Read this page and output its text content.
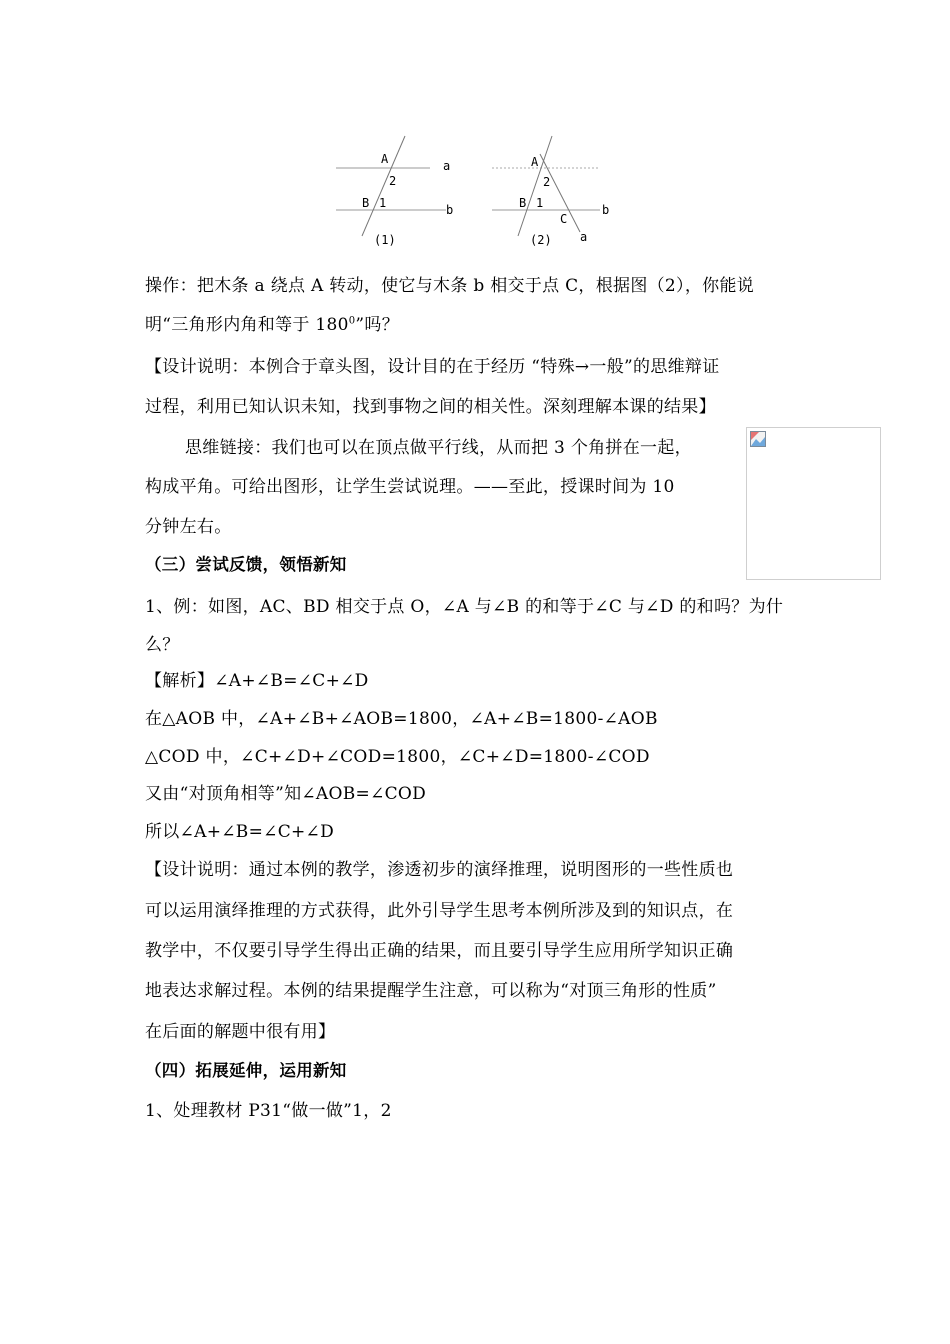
A
2
a
B 1	b
(1)
A
2
B 1
C
b
a
(2)
操作：把木条 a 绕点 A 转动，使它与木条 b 相交于点 C，根据图（2），你能说
明“三角形内角和等于 $180^0$”吗？
【设计说明：本例合于章头图，设计目的在于经历 “特殊→一般”的思维辩证
过程，利用已知认识未知，找到事物之间的相关性。深刻理解本课的结果】
思维链接：我们也可以在顶点做平行线，从而把 3 个角拼在一起，
构成平角。可给出图形，让学生尝试说理。——至此，授课时间为 10
分钟左右。
（三）尝试反馈，领悟新知
1、例：如图，AC、BD 相交于点 O，∠A 与∠B 的和等于∠C 与∠D 的和吗？为什
么？
【解析】∠A+∠B=∠C+∠D
在△AOB 中，∠A+∠B+∠AOB=1800，∠A+∠B=1800-∠AOB
△COD 中，∠C+∠D+∠COD=1800，∠C+∠D=1800-∠COD
又由“对顶角相等”知∠AOB=∠COD
所以∠A+∠B=∠C+∠D
【设计说明：通过本例的教学，渗透初步的演绎推理，说明图形的一些性质也
可以运用演绎推理的方式获得，此外引导学生思考本例所涉及到的知识点，在
教学中，不仅要引导学生得出正确的结果，而且要引导学生应用所学知识正确
地表达求解过程。本例的结果提醒学生注意，可以称为“对顶三角形的性质”
在后面的解题中很有用】
（四）拓展延伸，运用新知
1、处理教材 P31“做一做”1，2
